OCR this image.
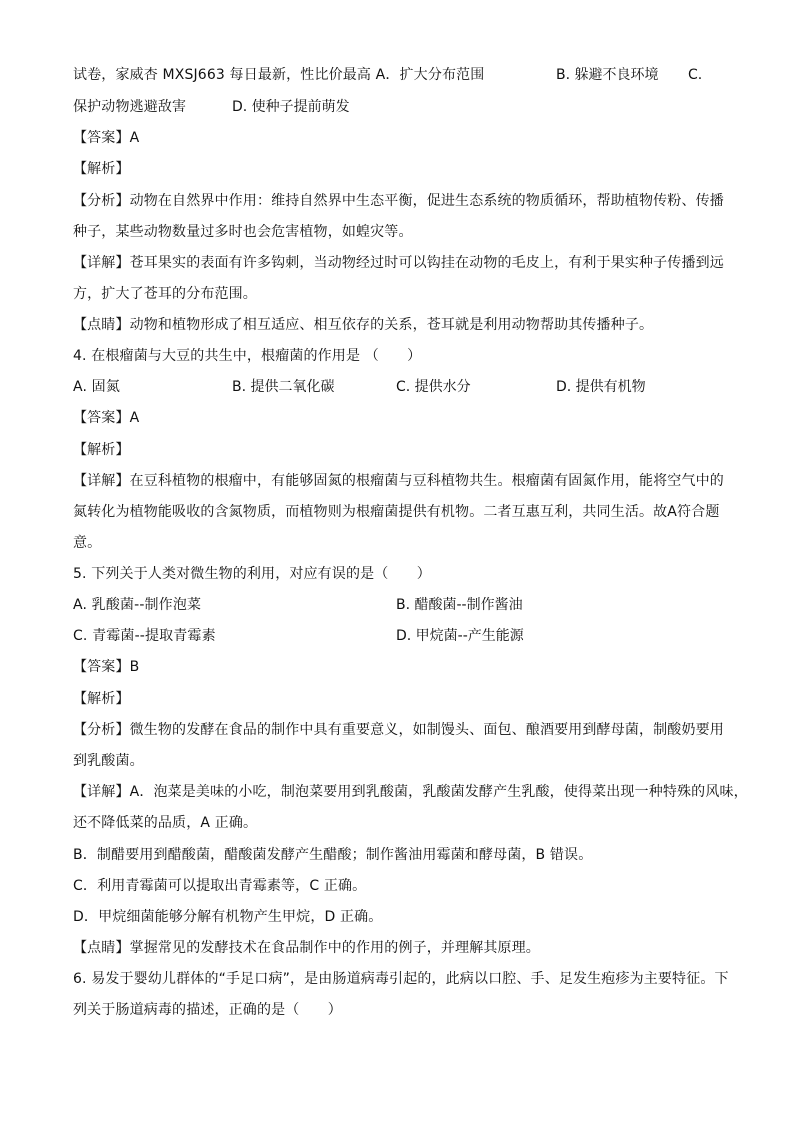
试卷，家威杏 MXSJ663 每日最新，性比价最高 A．扩大分布范围	B. 躲避不良环境 C.
保护动物逃避敌害	D. 使种子提前萌发
【答案】A
【解析】
【分析】动物在自然界中作用：维持自然界中生态平衡，促进生态系统的物质循环，帮助植物传粉、传播
种子，某些动物数量过多时也会危害植物，如蝗灾等。
【详解】苍耳果实的表面有许多钩刺，当动物经过时可以钩挂在动物的毛皮上，有利于果实种子传播到远
方，扩大了苍耳的分布范围。
【点睛】动物和植物形成了相互适应、相互依存的关系，苍耳就是利用动物帮助其传播种子。
4. 在根瘤菌与大豆的共生中，根瘤菌的作用是 （　　）
A. 固氮	B. 提供二氧化碳	C. 提供水分	D. 提供有机物
【答案】A
【解析】
【详解】在豆科植物的根瘤中，有能够固氮的根瘤菌与豆科植物共生。根瘤菌有固氮作用，能将空气中的
氮转化为植物能吸收的含氮物质，而植物则为根瘤菌提供有机物。二者互惠互利，共同生活。故A符合题
意。
5. 下列关于人类对微生物的利用，对应有误的是（　　）
A. 乳酸菌--制作泡菜	B. 醋酸菌--制作酱油
C. 青霉菌--提取青霉素	D. 甲烷菌--产生能源
【答案】B
【解析】
【分析】微生物的发酵在食品的制作中具有重要意义，如制馒头、面包、酿酒要用到酵母菌，制酸奶要用
到乳酸菌。
【详解】A．泡菜是美味的小吃，制泡菜要用到乳酸菌，乳酸菌发酵产生乳酸，使得菜出现一种特殊的风味，
还不降低菜的品质，A 正确。
B．制醋要用到醋酸菌，醋酸菌发酵产生醋酸；制作酱油用霉菌和酵母菌，B 错误。
C．利用青霉菌可以提取出青霉素等，C 正确。
D．甲烷细菌能够分解有机物产生甲烷，D 正确。
【点睛】掌握常见的发酵技术在食品制作中的作用的例子，并理解其原理。
6. 易发于婴幼儿群体的“手足口病”，是由肠道病毒引起的，此病以口腔、手、足发生疱疹为主要特征。下
列关于肠道病毒的描述，正确的是（　　）
